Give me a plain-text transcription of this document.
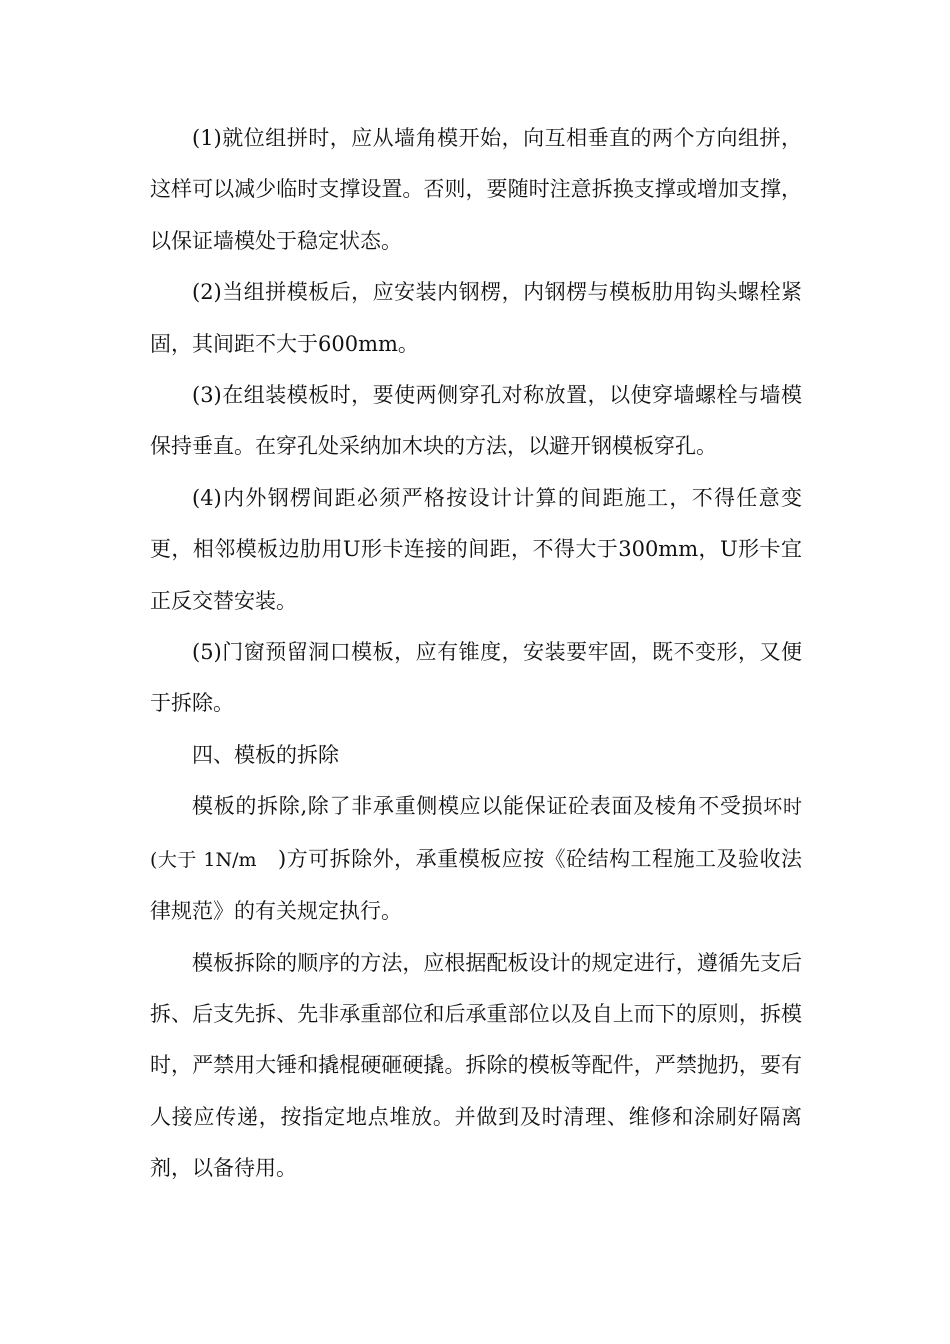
(1)就位组拼时，应从墙角模开始，向互相垂直的两个方向组拼，这样可以减少临时支撑设置。否则，要随时注意拆换支撑或增加支撑，以保证墙模处于稳定状态。

(2)当组拼模板后，应安装内钢楞，内钢楞与模板肋用钩头螺栓紧固，其间距不大于600mm。

(3)在组装模板时，要使两侧穿孔对称放置，以使穿墙螺栓与墙模保持垂直。在穿孔处采纳加木块的方法，以避开钢模板穿孔。

(4)内外钢楞间距必须严格按设计计算的间距施工，不得任意变更，相邻模板边肋用U形卡连接的间距，不得大于300mm，U形卡宜正反交替安装。

(5)门窗预留洞口模板，应有锥度，安装要牢固，既不变形，又便于拆除。

四、模板的拆除

模板的拆除,除了非承重侧模应以能保证砼表面及棱角不受损坏时(大于 1N/m   )方可拆除外，承重模板应按《砼结构工程施工及验收法律规范》的有关规定执行。

模板拆除的顺序的方法，应根据配板设计的规定进行，遵循先支后拆、后支先拆、先非承重部位和后承重部位以及自上而下的原则，拆模时，严禁用大锤和撬棍硬砸硬撬。拆除的模板等配件，严禁抛扔，要有人接应传递，按指定地点堆放。并做到及时清理、维修和涂刷好隔离剂，以备待用。
